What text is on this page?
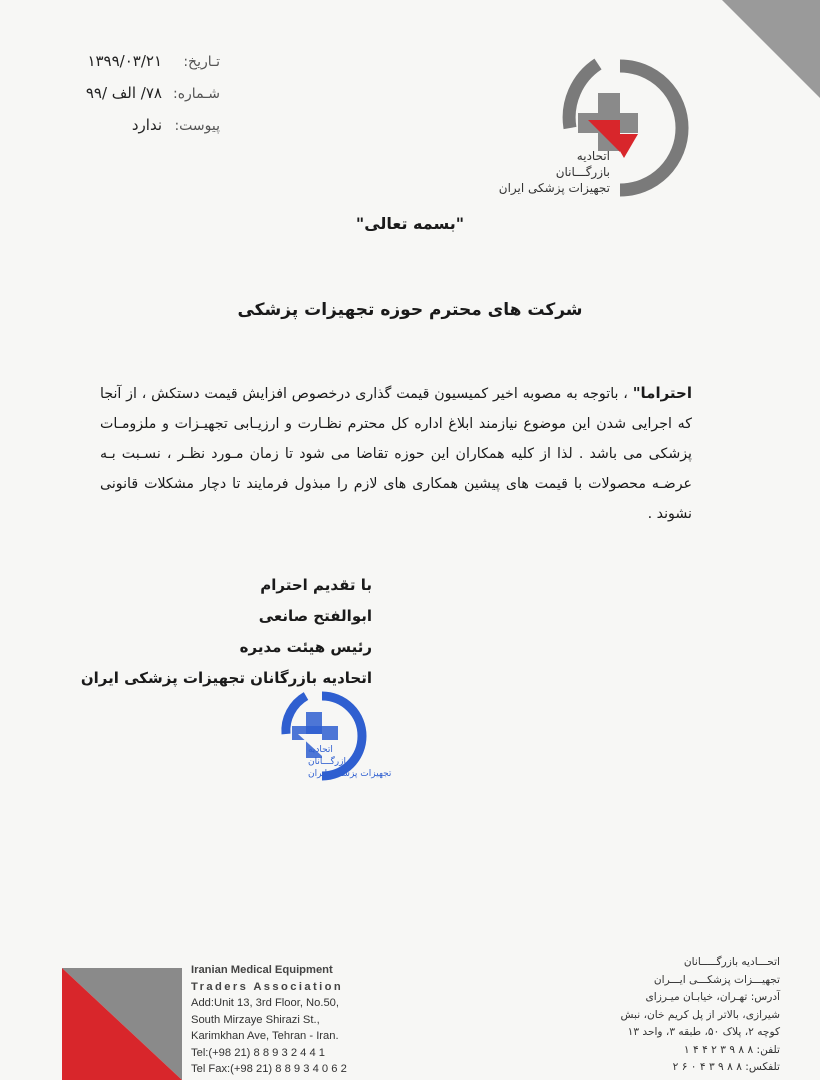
تـاریخ:
۱۳۹۹/۰۳/۲۱
شـماره:
۷۸/ الف /۹۹
پیوست:
ندارد
اتحادیه
بازرگـــانان
تجهیزات پزشکی ایران
"بسمه تعالی"
شرکت های محترم حوزه تجهیزات پزشکی
احتراما" ، باتوجه به مصوبه اخیر کمیسیون قیمت گذاری درخصوص افزایش قیمت دستکش ، از آنجا که اجرایی شدن این موضوع نیازمند ابلاغ اداره کل محترم نظـارت و ارزیـابی تجهیـزات و ملزومـات پزشکی می باشد . لذا از کلیه همکاران این حوزه تقاضا می شود تا زمان مـورد نظـر ، نسـبت بـه عرضـه محصولات با قیمت های پیشین همکاری های لازم را مبذول فرمایند تا دچار مشکلات قانونی نشوند .
با تقدیم احترام
ابوالفتح صانعی
رئیس هیئت مدیره
اتحادیه بازرگانان تجهیزات پزشکی ایران
اتحادیه
بازرگـــانان
تجهیزات پزشکی ایران
Iranian Medical Equipment
Traders Association
Add:Unit 13, 3rd Floor, No.50,
South Mirzaye Shirazi St.,
Karimkhan Ave, Tehran - Iran.
Tel:(+98 21) 8 8 9 3 2 4 4 1
Tel Fax:(+98 21) 8 8 9 3 4 0 6 2
اتحـــادیه بازرگـــــانان
تجهیـــزات پزشکـــی ایـــران
آدرس: تهـران، خیابـان میـرزای
شیرازی، بالاتر از پل کریم خان، نبش
کوچه ۲، پلاک ۵۰، طبقه ۳، واحد ۱۳
تلفن: ۸ ۸ ۹ ۳ ۲ ۴ ۴ ۱
تلفکس: ۸ ۸ ۹ ۳ ۴ ۰ ۶ ۲
